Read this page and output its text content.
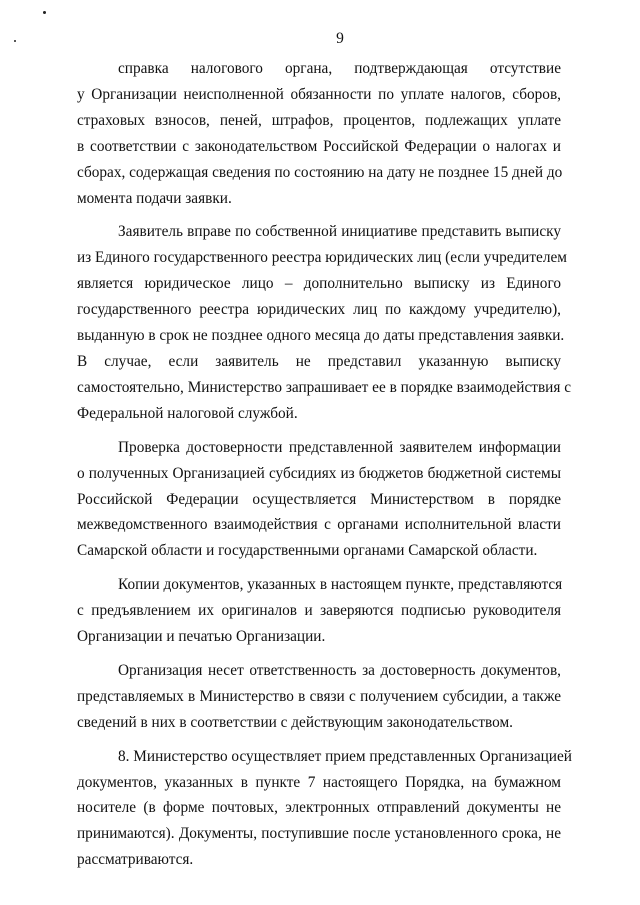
9

справка налогового органа, подтверждающая отсутствие
у Организации неисполненной обязанности по уплате налогов, сборов,
страховых взносов, пеней, штрафов, процентов, подлежащих уплате
в соответствии с законодательством Российской Федерации о налогах и
сборах, содержащая сведения по состоянию на дату не позднее 15 дней до
момента подачи заявки.

Заявитель вправе по собственной инициативе представить выписку
из Единого государственного реестра юридических лиц (если учредителем
является юридическое лицо – дополнительно выписку из Единого
государственного реестра юридических лиц по каждому учредителю),
выданную в срок не позднее одного месяца до даты представления заявки.
В случае, если заявитель не представил указанную выписку
самостоятельно, Министерство запрашивает ее в порядке взаимодействия с
Федеральной налоговой службой.

Проверка достоверности представленной заявителем информации
о полученных Организацией субсидиях из бюджетов бюджетной системы
Российской Федерации осуществляется Министерством в порядке
межведомственного взаимодействия с органами исполнительной власти
Самарской области и государственными органами Самарской области.

Копии документов, указанных в настоящем пункте, представляются
с предъявлением их оригиналов и заверяются подписью руководителя
Организации и печатью Организации.

Организация несет ответственность за достоверность документов,
представляемых в Министерство в связи с получением субсидии, а также
сведений в них в соответствии с действующим законодательством.

8. Министерство осуществляет прием представленных Организацией
документов, указанных в пункте 7 настоящего Порядка, на бумажном
носителе (в форме почтовых, электронных отправлений документы не
принимаются). Документы, поступившие после установленного срока, не
рассматриваются.
